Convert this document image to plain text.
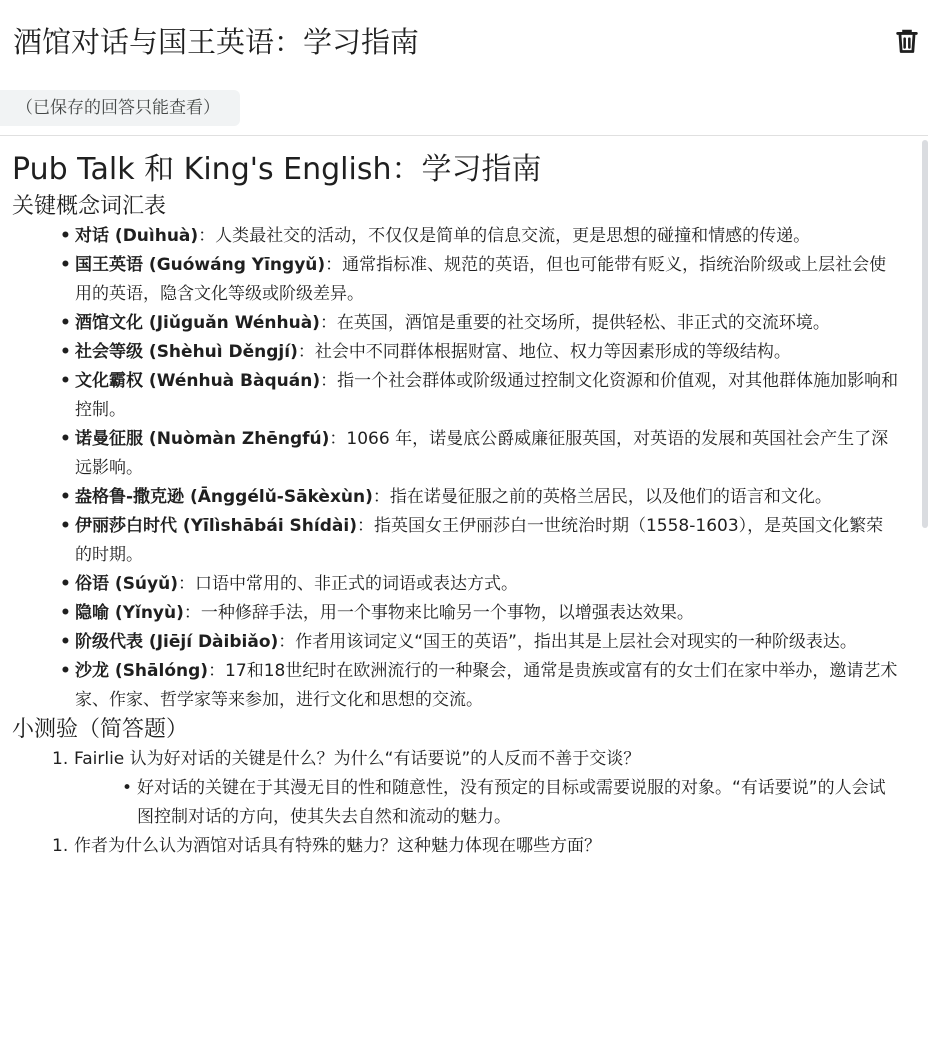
酒馆对话与国王英语：学习指南
（已保存的回答只能查看）
Pub Talk 和 King's English：学习指南
关键概念词汇表
• 对话 (Duìhuà)：人类最社交的活动，不仅仅是简单的信息交流，更是思想的碰撞和情感的传递。
• 国王英语 (Guówáng Yīngyǔ)：通常指标准、规范的英语，但也可能带有贬义，指统治阶级或上层社会使用的英语，隐含文化等级或阶级差异。
• 酒馆文化 (Jiǔguǎn Wénhuà)：在英国，酒馆是重要的社交场所，提供轻松、非正式的交流环境。
• 社会等级 (Shèhuì Děngjí)：社会中不同群体根据财富、地位、权力等因素形成的等级结构。
• 文化霸权 (Wénhuà Bàquán)：指一个社会群体或阶级通过控制文化资源和价值观，对其他群体施加影响和控制。
• 诺曼征服 (Nuòmàn Zhēngfú)：1066 年，诺曼底公爵威廉征服英国，对英语的发展和英国社会产生了深远影响。
• 盎格鲁-撒克逊 (Ānggélǔ-Sākèxùn)：指在诺曼征服之前的英格兰居民，以及他们的语言和文化。
• 伊丽莎白时代 (Yīlìshābái Shídài)：指英国女王伊丽莎白一世统治时期（1558-1603），是英国文化繁荣的时期。
• 俗语 (Súyǔ)：口语中常用的、非正式的词语或表达方式。
• 隐喻 (Yǐnyù)：一种修辞手法，用一个事物来比喻另一个事物，以增强表达效果。
• 阶级代表 (Jiējí Dàibiǎo)：作者用该词定义“国王的英语”，指出其是上层社会对现实的一种阶级表达。
• 沙龙 (Shālóng)：17和18世纪时在欧洲流行的一种聚会，通常是贵族或富有的女士们在家中举办，邀请艺术家、作家、哲学家等来参加，进行文化和思想的交流。
小测验（简答题）
1. Fairlie 认为好对话的关键是什么？为什么“有话要说”的人反而不善于交谈？
• 好对话的关键在于其漫无目的性和随意性，没有预定的目标或需要说服的对象。“有话要说”的人会试图控制对话的方向，使其失去自然和流动的魅力。
1. 作者为什么认为酒馆对话具有特殊的魅力？这种魅力体现在哪些方面？
